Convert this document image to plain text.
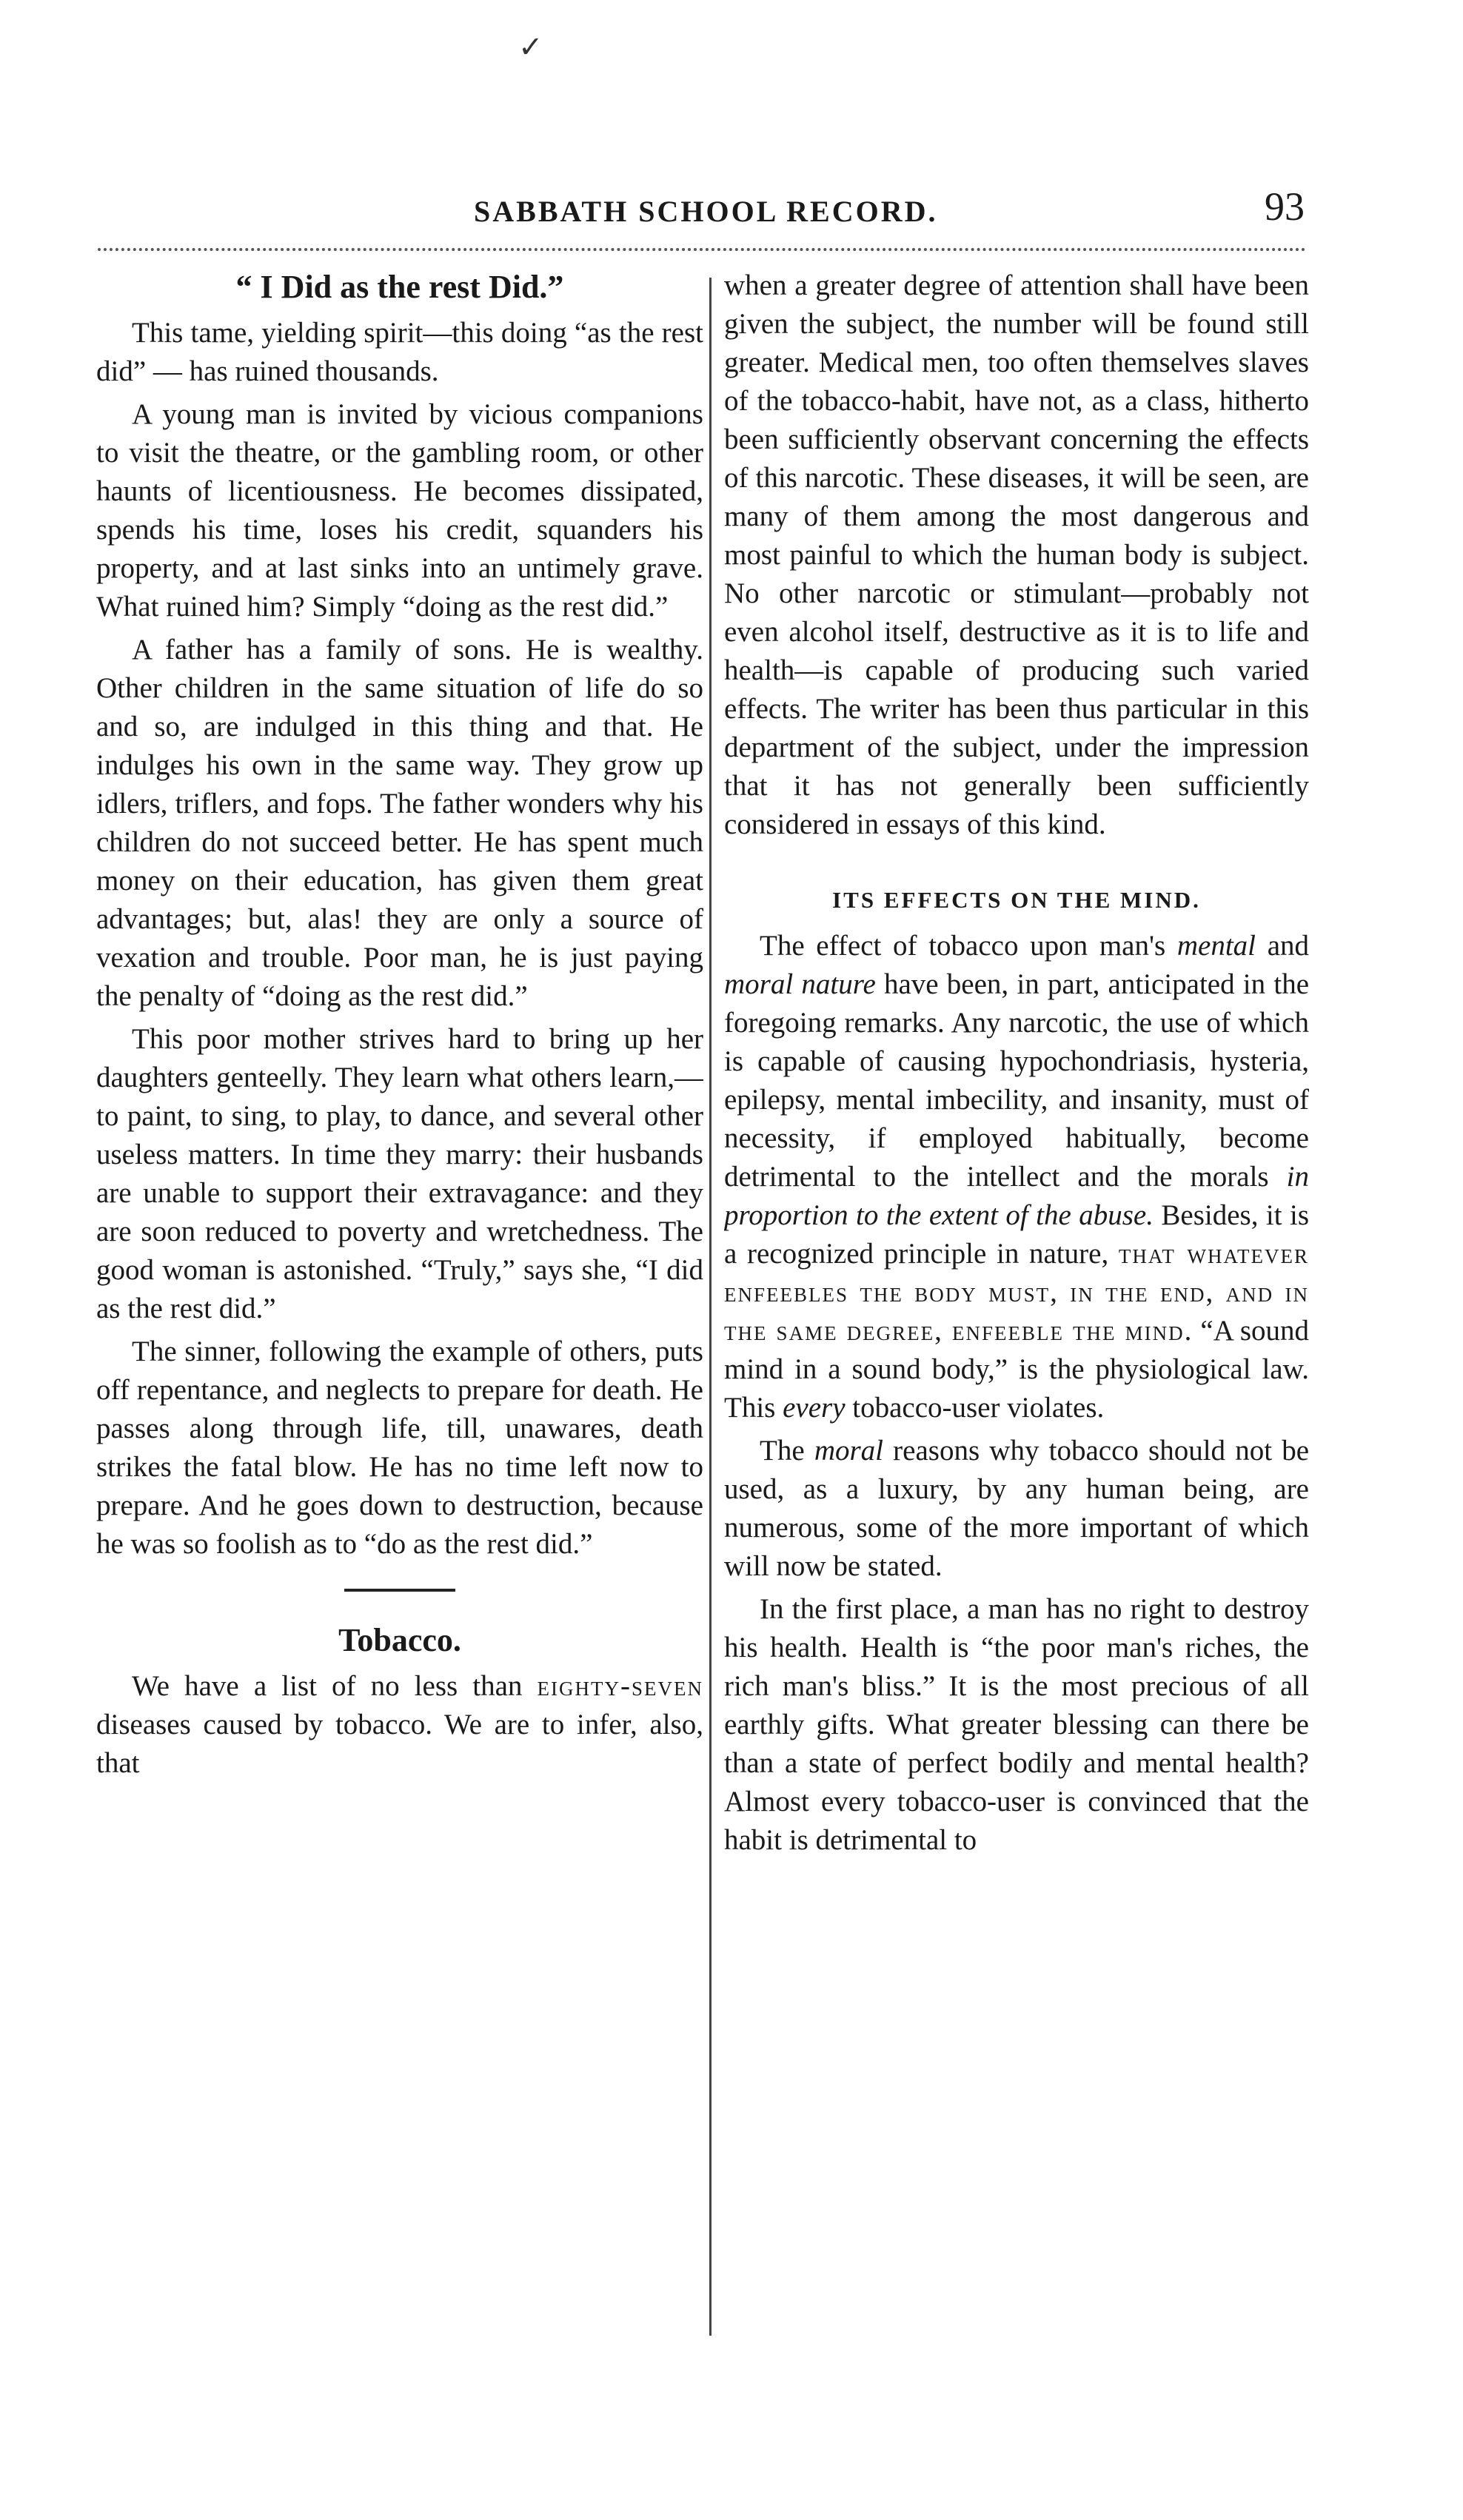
✓
SABBATH SCHOOL RECORD.	93
“ I Did as the rest Did.”

This tame, yielding spirit—this doing “as the rest did” — has ruined thousands.

A young man is invited by vicious companions to visit the theatre, or the gambling room, or other haunts of licentiousness. He becomes dissipated, spends his time, loses his credit, squanders his property, and at last sinks into an untimely grave. What ruined him? Simply “doing as the rest did.”

A father has a family of sons. He is wealthy. Other children in the same situation of life do so and so, are indulged in this thing and that. He indulges his own in the same way. They grow up idlers, triflers, and fops. The father wonders why his children do not succeed better. He has spent much money on their education, has given them great advantages; but, alas! they are only a source of vexation and trouble. Poor man, he is just paying the penalty of “doing as the rest did.”

This poor mother strives hard to bring up her daughters genteelly. They learn what others learn,—to paint, to sing, to play, to dance, and several other useless matters. In time they marry: their husbands are unable to support their extravagance: and they are soon reduced to poverty and wretchedness. The good woman is astonished. “Truly,” says she, “I did as the rest did.”

The sinner, following the example of others, puts off repentance, and neglects to prepare for death. He passes along through life, till, unawares, death strikes the fatal blow. He has no time left now to prepare. And he goes down to destruction, because he was so foolish as to “do as the rest did.”

Tobacco.

We have a list of no less than eighty-seven diseases caused by tobacco. We are to infer, also, that

when a greater degree of attention shall have been given the subject, the number will be found still greater. Medical men, too often themselves slaves of the tobacco-habit, have not, as a class, hitherto been sufficiently observant concerning the effects of this narcotic. These diseases, it will be seen, are many of them among the most dangerous and most painful to which the human body is subject. No other narcotic or stimulant—probably not even alcohol itself, destructive as it is to life and health—is capable of producing such varied effects. The writer has been thus particular in this department of the subject, under the impression that it has not generally been sufficiently considered in essays of this kind.

ITS EFFECTS ON THE MIND.

The effect of tobacco upon man's mental and moral nature have been, in part, anticipated in the foregoing remarks. Any narcotic, the use of which is capable of causing hypochondriasis, hysteria, epilepsy, mental imbecility, and insanity, must of necessity, if employed habitually, become detrimental to the intellect and the morals in proportion to the extent of the abuse. Besides, it is a recognized principle in nature, that whatever enfeebles the body must, in the end, and in the same degree, enfeeble the mind. “A sound mind in a sound body,” is the physiological law. This every tobacco-user violates.

The moral reasons why tobacco should not be used, as a luxury, by any human being, are numerous, some of the more important of which will now be stated.

In the first place, a man has no right to destroy his health. Health is “the poor man's riches, the rich man's bliss.” It is the most precious of all earthly gifts. What greater blessing can there be than a state of perfect bodily and mental health? Almost every tobacco-user is convinced that the habit is detrimental to
